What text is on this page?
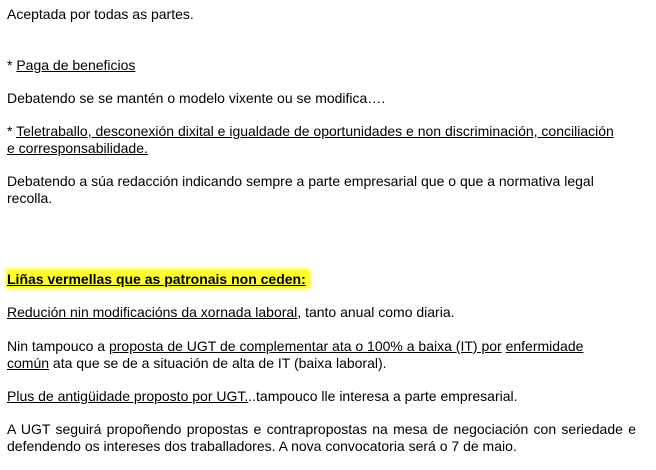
Aceptada por todas as partes.

* Paga de beneficios

Debatendo se se mantén o modelo vixente ou se modifica….

* Teletraballo, desconexión dixital e igualdade de oportunidades e non discriminación, conciliación

e corresponsabilidade.

Debatendo a súa redacción indicando sempre a parte empresarial que o que a normativa legal

recolla.

Liñas vermellas que as patronais non ceden:

Redución nin modificacións da xornada laboral, tanto anual como diaria.

Nin tampouco a proposta de UGT de complementar ata o 100% a baixa (IT) por enfermidade

común ata que se de a situación de alta de IT (baixa laboral).

Plus de antigüidade proposto por UGT...tampouco lle interesa a parte empresarial.

A UGT seguirá propoñendo propostas e contrapropostas na mesa de negociación con seriedade e

defendendo os intereses dos traballadores. A nova convocatoria será o 7 de maio.
